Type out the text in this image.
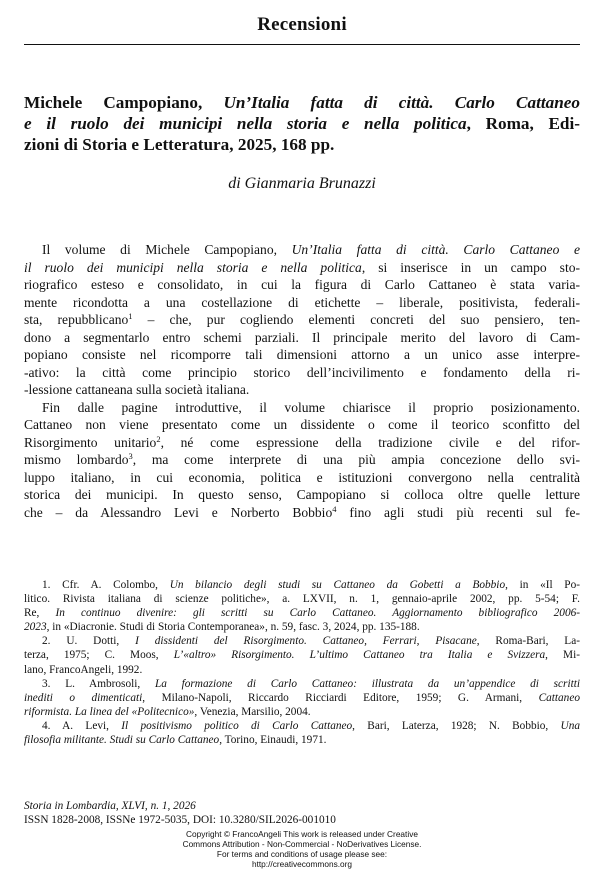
Recensioni
Michele Campopiano, Un’Italia fatta di città. Carlo Cattaneo
e il ruolo dei municipi nella storia e nella politica, Roma, Edi-
zioni di Storia e Letteratura, 2025, 168 pp.
di Gianmaria Brunazzi
Il volume di Michele Campopiano, Un’Italia fatta di città. Carlo Cattaneo e
il ruolo dei municipi nella storia e nella politica, si inserisce in un campo sto-
riografico esteso e consolidato, in cui la figura di Carlo Cattaneo è stata varia-
mente ricondotta a una costellazione di etichette – liberale, positivista, federali-
sta, repubblicano$^1$ – che, pur cogliendo elementi concreti del suo pensiero, ten-
dono a segmentarlo entro schemi parziali. Il principale merito del lavoro di Cam-
popiano consiste nel ricomporre tali dimensioni attorno a un unico asse interpre-
-ativo: la città come principio storico dell’incivilimento e fondamento della ri-
-lessione cattaneana sulla società italiana.
Fin dalle pagine introduttive, il volume chiarisce il proprio posizionamento.
Cattaneo non viene presentato come un dissidente o come il teorico sconfitto del
Risorgimento unitario$^2$, né come espressione della tradizione civile e del rifor-
mismo lombardo$^3$, ma come interprete di una più ampia concezione dello svi-
luppo italiano, in cui economia, politica e istituzioni convergono nella centralità
storica dei municipi. In questo senso, Campopiano si colloca oltre quelle letture
che – da Alessandro Levi e Norberto Bobbio$^4$ fino agli studi più recenti sul fe-
1. Cfr. A. Colombo, Un bilancio degli studi su Cattaneo da Gobetti a Bobbio, in «Il Po-
litico. Rivista italiana di scienze politiche», a. LXVII, n. 1, gennaio-aprile 2002, pp. 5-54; F.
Re, In continuo divenire: gli scritti su Carlo Cattaneo. Aggiornamento bibliografico 2006-
2023, in «Diacronie. Studi di Storia Contemporanea», n. 59, fasc. 3, 2024, pp. 135-188.
2. U. Dotti, I dissidenti del Risorgimento. Cattaneo, Ferrari, Pisacane, Roma-Bari, La-
terza, 1975; C. Moos, L’«altro» Risorgimento. L’ultimo Cattaneo tra Italia e Svizzera, Mi-
lano, FrancoAngeli, 1992.
3. L. Ambrosoli, La formazione di Carlo Cattaneo: illustrata da un’appendice di scritti
inediti o dimenticati, Milano-Napoli, Riccardo Ricciardi Editore, 1959; G. Armani, Cattaneo
riformista. La linea del «Politecnico», Venezia, Marsilio, 2004.
4. A. Levi, Il positivismo politico di Carlo Cattaneo, Bari, Laterza, 1928; N. Bobbio, Una
filosofia militante. Studi su Carlo Cattaneo, Torino, Einaudi, 1971.
Storia in Lombardia, XLVI, n. 1, 2026
ISSN 1828-2008, ISSNe 1972-5035, DOI: 10.3280/SIL2026-001010
Copyright © FrancoAngeli This work is released under Creative
Commons Attribution - Non-Commercial - NoDerivatives License.
For terms and conditions of usage please see:
http://creativecommons.org
